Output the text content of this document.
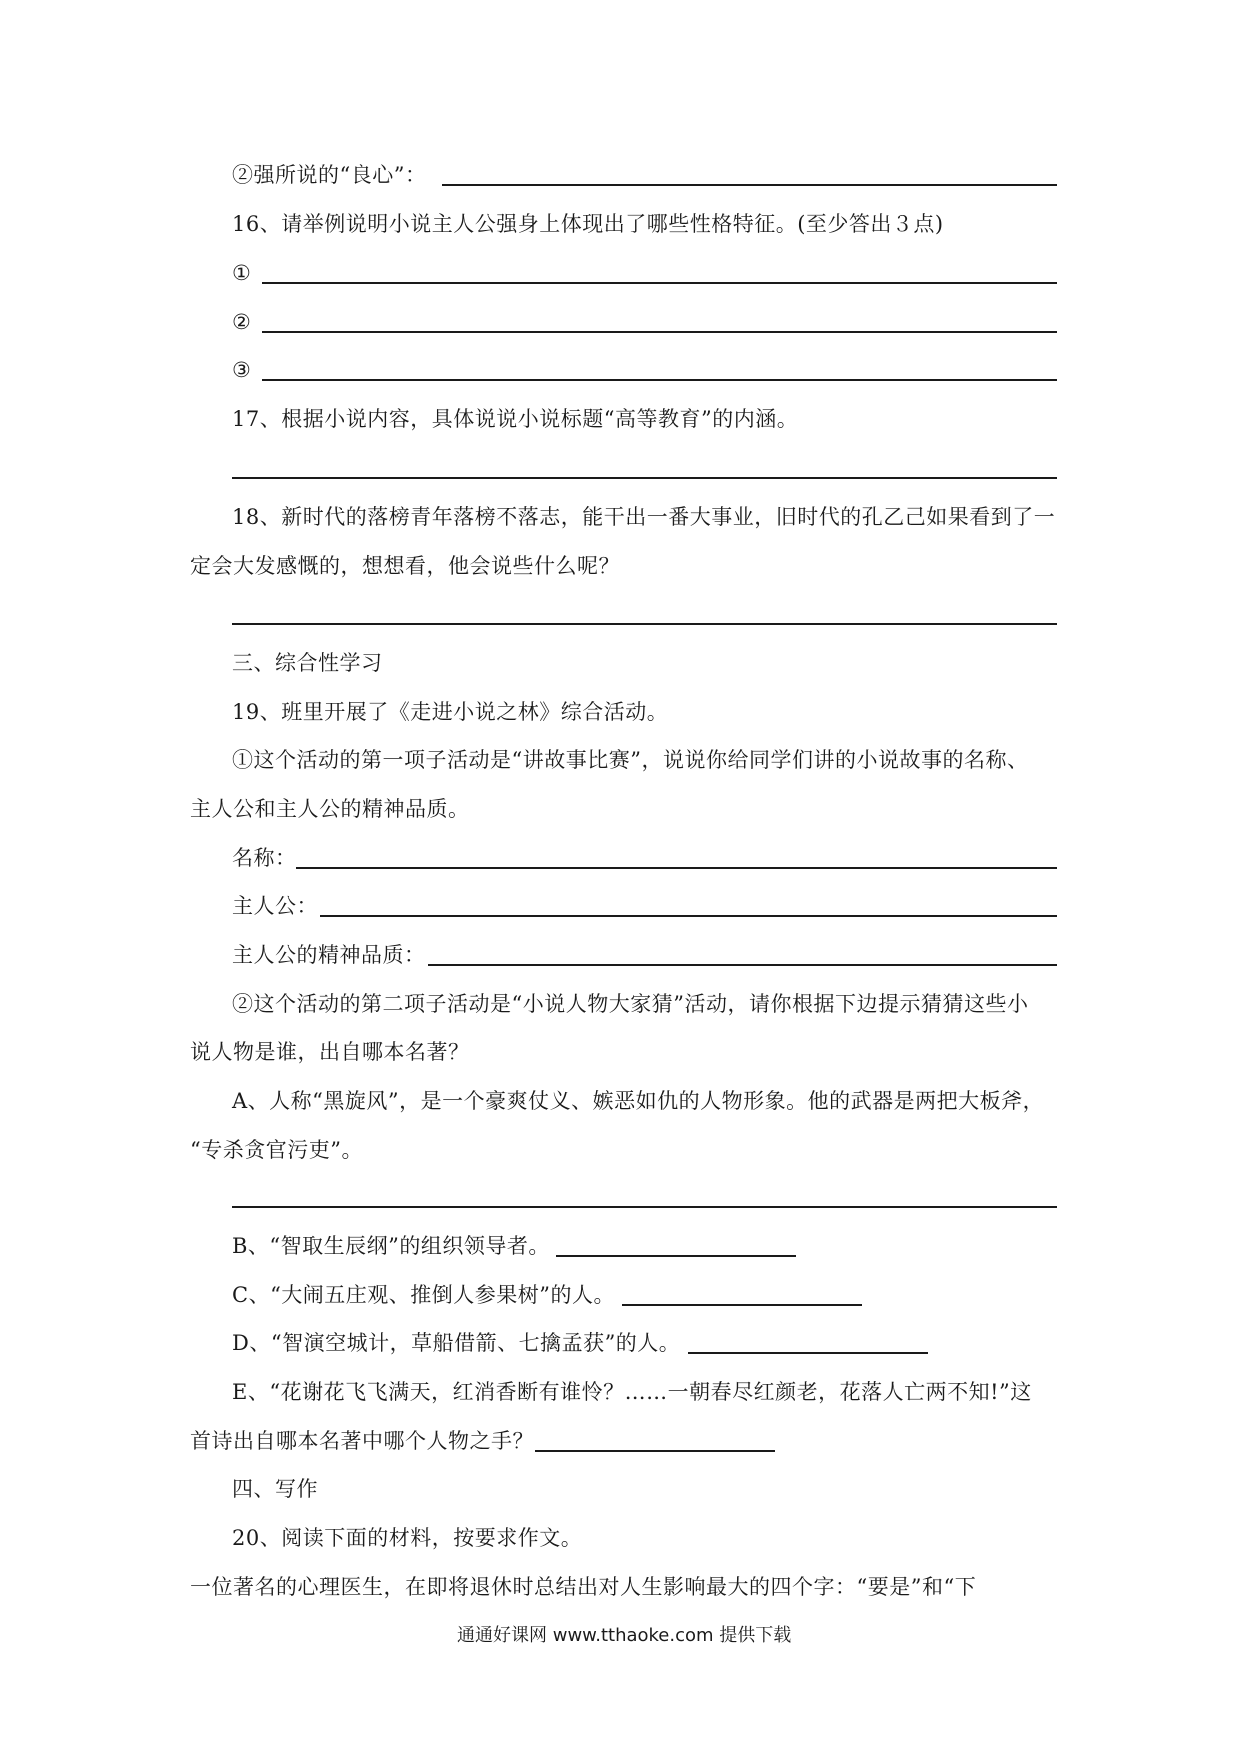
②强所说的“良心”：
16、请举例说明小说主人公强身上体现出了哪些性格特征。(至少答出３点)
①
②
③
17、根据小说内容，具体说说小说标题“高等教育”的内涵。
18、新时代的落榜青年落榜不落志，能干出一番大事业，旧时代的孔乙己如果看到了一
定会大发感慨的，想想看，他会说些什么呢？
三、综合性学习
19、班里开展了《走进小说之林》综合活动。
①这个活动的第一项子活动是“讲故事比赛”，说说你给同学们讲的小说故事的名称、
主人公和主人公的精神品质。
名称：
主人公：
主人公的精神品质：
②这个活动的第二项子活动是“小说人物大家猜”活动，请你根据下边提示猜猜这些小
说人物是谁，出自哪本名著？
A、人称“黑旋风”，是一个豪爽仗义、嫉恶如仇的人物形象。他的武器是两把大板斧，
“专杀贪官污吏”。
B、“智取生辰纲”的组织领导者。
C、“大闹五庄观、推倒人参果树”的人。
D、“智演空城计，草船借箭、七擒孟获”的人。
E、“花谢花飞飞满天，红消香断有谁怜？……一朝春尽红颜老，花落人亡两不知!”这
首诗出自哪本名著中哪个人物之手？
四、写作
20、阅读下面的材料，按要求作文。
一位著名的心理医生，在即将退休时总结出对人生影响最大的四个字：“要是”和“下
通通好课网 www.tthaoke.com 提供下载
